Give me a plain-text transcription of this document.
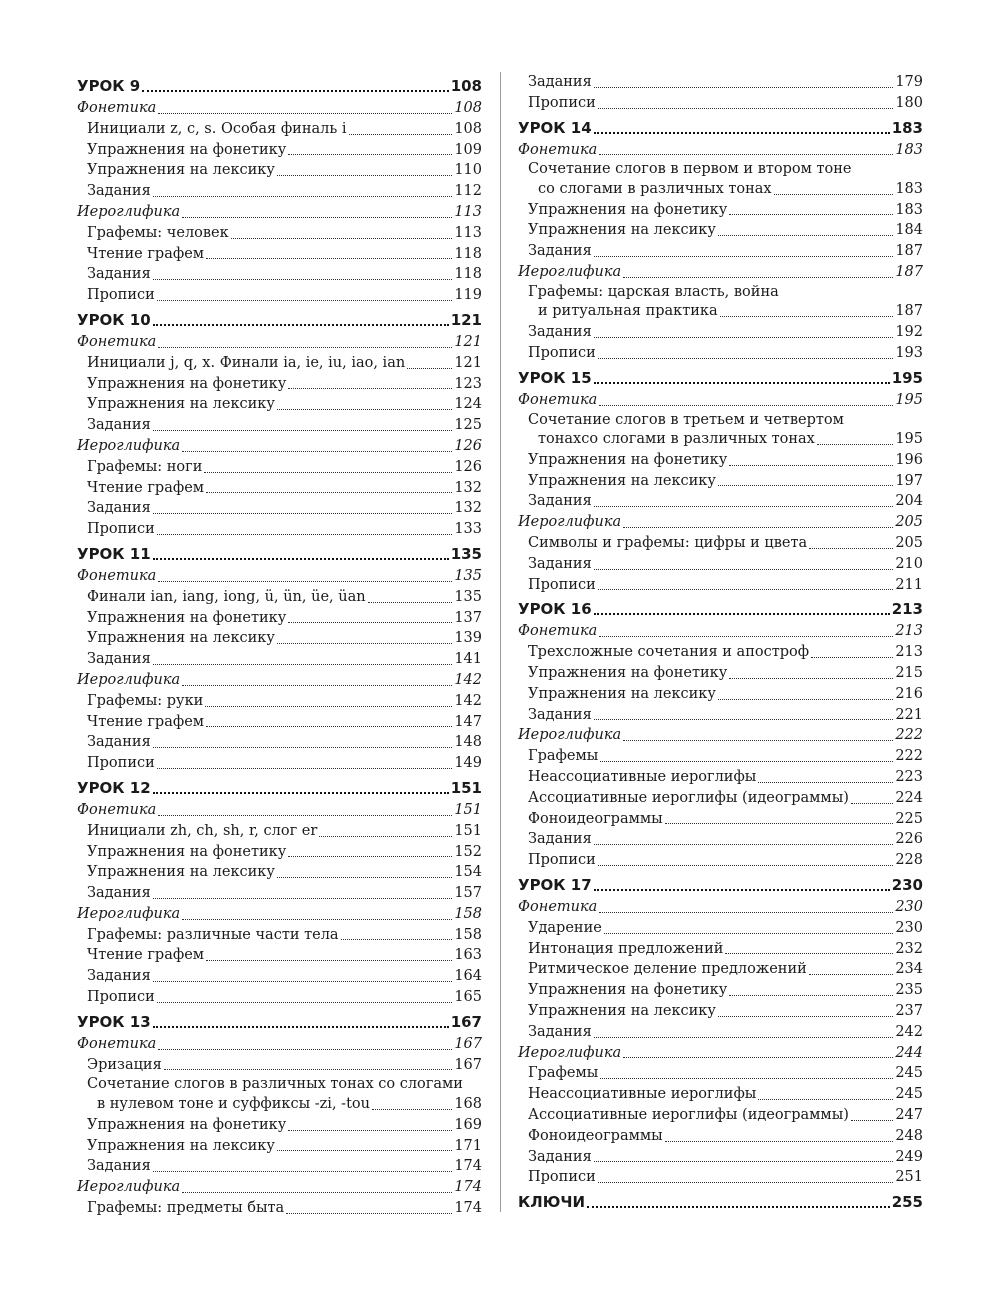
УРОК 9	108
Фонетика	108
Инициали z, c, s. Особая финаль i	108
Упражнения на фонетику	109
Упражнения на лексику	110
Задания	112
Иероглифика	113
Графемы: человек	113
Чтение графем	118
Задания	118
Прописи	119
УРОК 10	121
Фонетика	121
Инициали j, q, x. Финали ia, ie, iu, iao, ian	121
Упражнения на фонетику	123
Упражнения на лексику	124
Задания	125
Иероглифика	126
Графемы: ноги	126
Чтение графем	132
Задания	132
Прописи	133
УРОК 11	135
Фонетика	135
Финали ian, iang, iong, ü, ün, üe, üan	135
Упражнения на фонетику	137
Упражнения на лексику	139
Задания	141
Иероглифика	142
Графемы: руки	142
Чтение графем	147
Задания	148
Прописи	149
УРОК 12	151
Фонетика	151
Инициали zh, ch, sh, r, слог er	151
Упражнения на фонетику	152
Упражнения на лексику	154
Задания	157
Иероглифика	158
Графемы: различные части тела	158
Чтение графем	163
Задания	164
Прописи	165
УРОК 13	167
Фонетика	167
Эризация	167
Сочетание слогов в различных тонах со слогами
в нулевом тоне и суффиксы -zi, -tou	168
Упражнения на фонетику	169
Упражнения на лексику	171
Задания	174
Иероглифика	174
Графемы: предметы быта	174
Задания	179
Прописи	180
УРОК 14	183
Фонетика	183
Сочетание слогов в первом и втором тоне
со слогами в различных тонах	183
Упражнения на фонетику	183
Упражнения на лексику	184
Задания	187
Иероглифика	187
Графемы: царская власть, война
и ритуальная практика	187
Задания	192
Прописи	193
УРОК 15	195
Фонетика	195
Сочетание слогов в третьем и четвертом
тонахсо слогами в различных тонах	195
Упражнения на фонетику	196
Упражнения на лексику	197
Задания	204
Иероглифика	205
Символы и графемы: цифры и цвета	205
Задания	210
Прописи	211
УРОК 16	213
Фонетика	213
Трехсложные сочетания и апостроф	213
Упражнения на фонетику	215
Упражнения на лексику	216
Задания	221
Иероглифика	222
Графемы	222
Неассоциативные иероглифы	223
Ассоциативные иероглифы (идеограммы)	224
Фоноидеограммы	225
Задания	226
Прописи	228
УРОК 17	230
Фонетика	230
Ударение	230
Интонация предложений	232
Ритмическое деление предложений	234
Упражнения на фонетику	235
Упражнения на лексику	237
Задания	242
Иероглифика	244
Графемы	245
Неассоциативные иероглифы	245
Ассоциативные иероглифы (идеограммы)	247
Фоноидеограммы	248
Задания	249
Прописи	251
КЛЮЧИ	255
